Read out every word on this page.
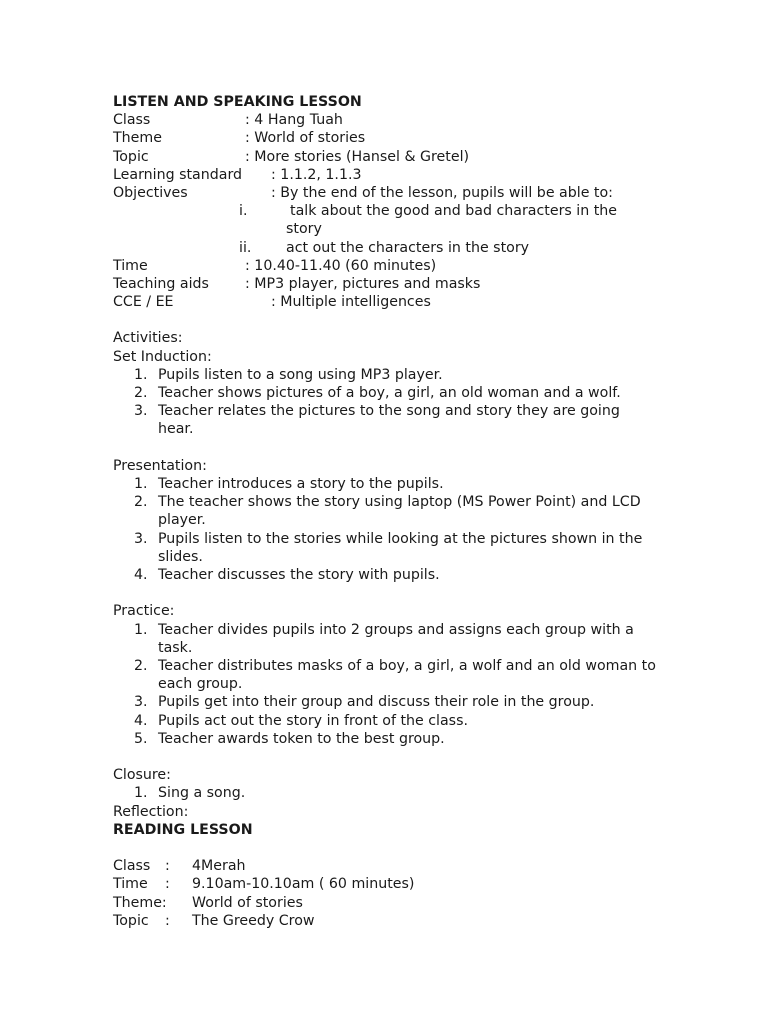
LISTEN AND SPEAKING LESSON
Class	: 4 Hang Tuah
Theme	: World of stories
Topic	: More stories (Hansel & Gretel)
Learning standard : 1.1.2, 1.1.3
Objectives	: By the end of the lesson, pupils will be able to:
i.	talk about the good and bad characters in the
story
ii. act out the characters in the story
Time	: 10.40-11.40 (60 minutes)
Teaching aids	: MP3 player, pictures and masks
CCE / EE	: Multiple intelligences
Activities:
Set Induction:
1. Pupils listen to a song using MP3 player.
2. Teacher shows pictures of a boy, a girl, an old woman and a wolf.
3. Teacher relates the pictures to the song and story they are going hear.
Presentation:
1. Teacher introduces a story to the pupils.
2. The teacher shows the story using laptop (MS Power Point) and LCD player.
3. Pupils listen to the stories while looking at the pictures shown in the slides.
4. Teacher discusses the story with pupils.
Practice:
1. Teacher divides pupils into 2 groups and assigns each group with a task.
2. Teacher distributes masks of a boy, a girl, a wolf and an old woman to each group.
3. Pupils get into their group and discuss their role in the group.
4. Pupils act out the story in front of the class.
5. Teacher awards token to the best group.
Closure:
1. Sing a song.
Reflection:
READING LESSON
Class : 4Merah
Time : 9.10am-10.10am ( 60 minutes)
Theme: World of stories
Topic : The Greedy Crow
